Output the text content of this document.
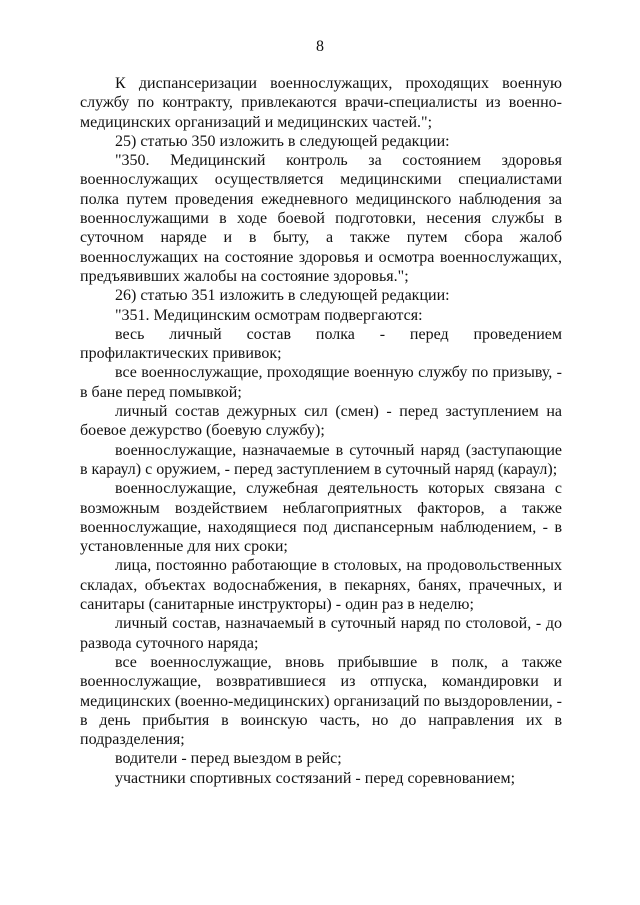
8

К диспансеризации военнослужащих, проходящих военную службу по контракту, привлекаются врачи-специалисты из военно-медицинских организаций и медицинских частей.";

25) статью 350 изложить в следующей редакции:

"350. Медицинский контроль за состоянием здоровья военнослужащих осуществляется медицинскими специалистами полка путем проведения ежедневного медицинского наблюдения за военнослужащими в ходе боевой подготовки, несения службы в суточном наряде и в быту, а также путем сбора жалоб военнослужащих на состояние здоровья и осмотра военнослужащих, предъявивших жалобы на состояние здоровья.";

26) статью 351 изложить в следующей редакции:

"351. Медицинским осмотрам подвергаются:

весь личный состав полка - перед проведением профилактических прививок;

все военнослужащие, проходящие военную службу по призыву, - в бане перед помывкой;

личный состав дежурных сил (смен) - перед заступлением на боевое дежурство (боевую службу);

военнослужащие, назначаемые в суточный наряд (заступающие в караул) с оружием, - перед заступлением в суточный наряд (караул);

военнослужащие, служебная деятельность которых связана с возможным воздействием неблагоприятных факторов, а также военнослужащие, находящиеся под диспансерным наблюдением, - в установленные для них сроки;

лица, постоянно работающие в столовых, на продовольственных складах, объектах водоснабжения, в пекарнях, банях, прачечных, и санитары (санитарные инструкторы) - один раз в неделю;

личный состав, назначаемый в суточный наряд по столовой, - до развода суточного наряда;

все военнослужащие, вновь прибывшие в полк, а также военнослужащие, возвратившиеся из отпуска, командировки и медицинских (военно-медицинских) организаций по выздоровлении, - в день прибытия в воинскую часть, но до направления их в подразделения;

водители - перед выездом в рейс;

участники спортивных состязаний - перед соревнованием;
